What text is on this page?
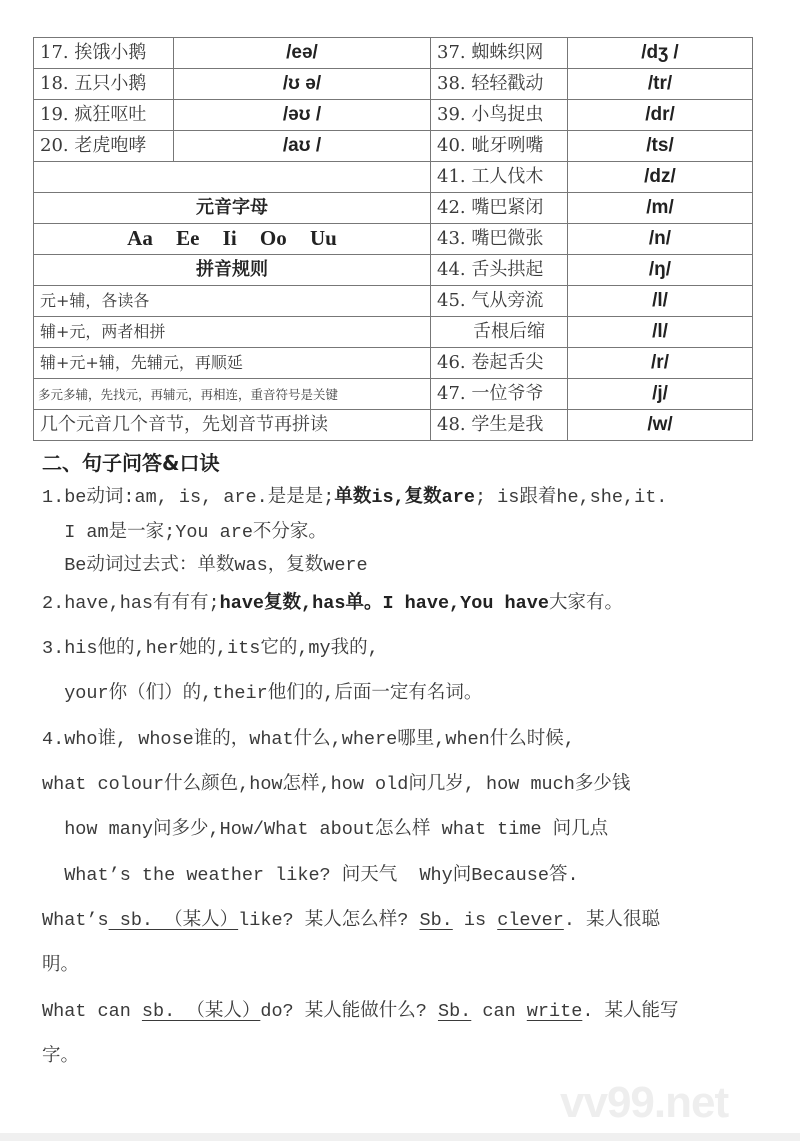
17. 挨饿小鹅	/eə/	37. 蜘蛛织网	/dʒ /
18. 五只小鹅	/ʊ ə/	38. 轻轻戳动	/tr/
19. 疯狂呕吐	/əʊ /	39. 小鸟捉虫	/dr/
20. 老虎咆哮	/aʊ /	40. 呲牙咧嘴	/ts/
		41. 工人伐木	/dz/
元音字母		42. 嘴巴紧闭	/m/
Aa Ee Ii Oo Uu		43. 嘴巴微张	/n/
拼音规则		44. 舌头拱起	/ŋ/
元+辅，各读各		45. 气从旁流	/l/
辅+元，两者相拼		　　舌根后缩	/l/
辅+元+辅，先辅元，再顺延		46. 卷起舌尖	/r/
多元多辅，先找元，再辅元，再相连，重音符号是关键		47. 一位爷爷	/j/
几个元音几个音节，先划音节再拼读		48. 学生是我	/w/
二、句子问答&口诀
1.be动词:am, is, are.是是是;单数is,复数are; is跟着he,she,it.
I am是一家;You are不分家。
Be动词过去式：单数was，复数were
2.have,has有有有;have复数,has单。I have,You have大家有。
3.his他的,her她的,its它的,my我的,
your你（们）的,their他们的,后面一定有名词。
4.who谁, whose谁的，what什么,where哪里,when什么时候,
what colour什么颜色,how怎样,how old问几岁, how much多少钱
how many问多少,How/What about怎么样 what time 问几点
What’s the weather like? 问天气  Why问Because答.
What’s sb. （某人）like? 某人怎么样? Sb. is clever. 某人很聪
明。
What can sb. （某人）do? 某人能做什么? Sb. can write. 某人能写
字。
vv99.net
